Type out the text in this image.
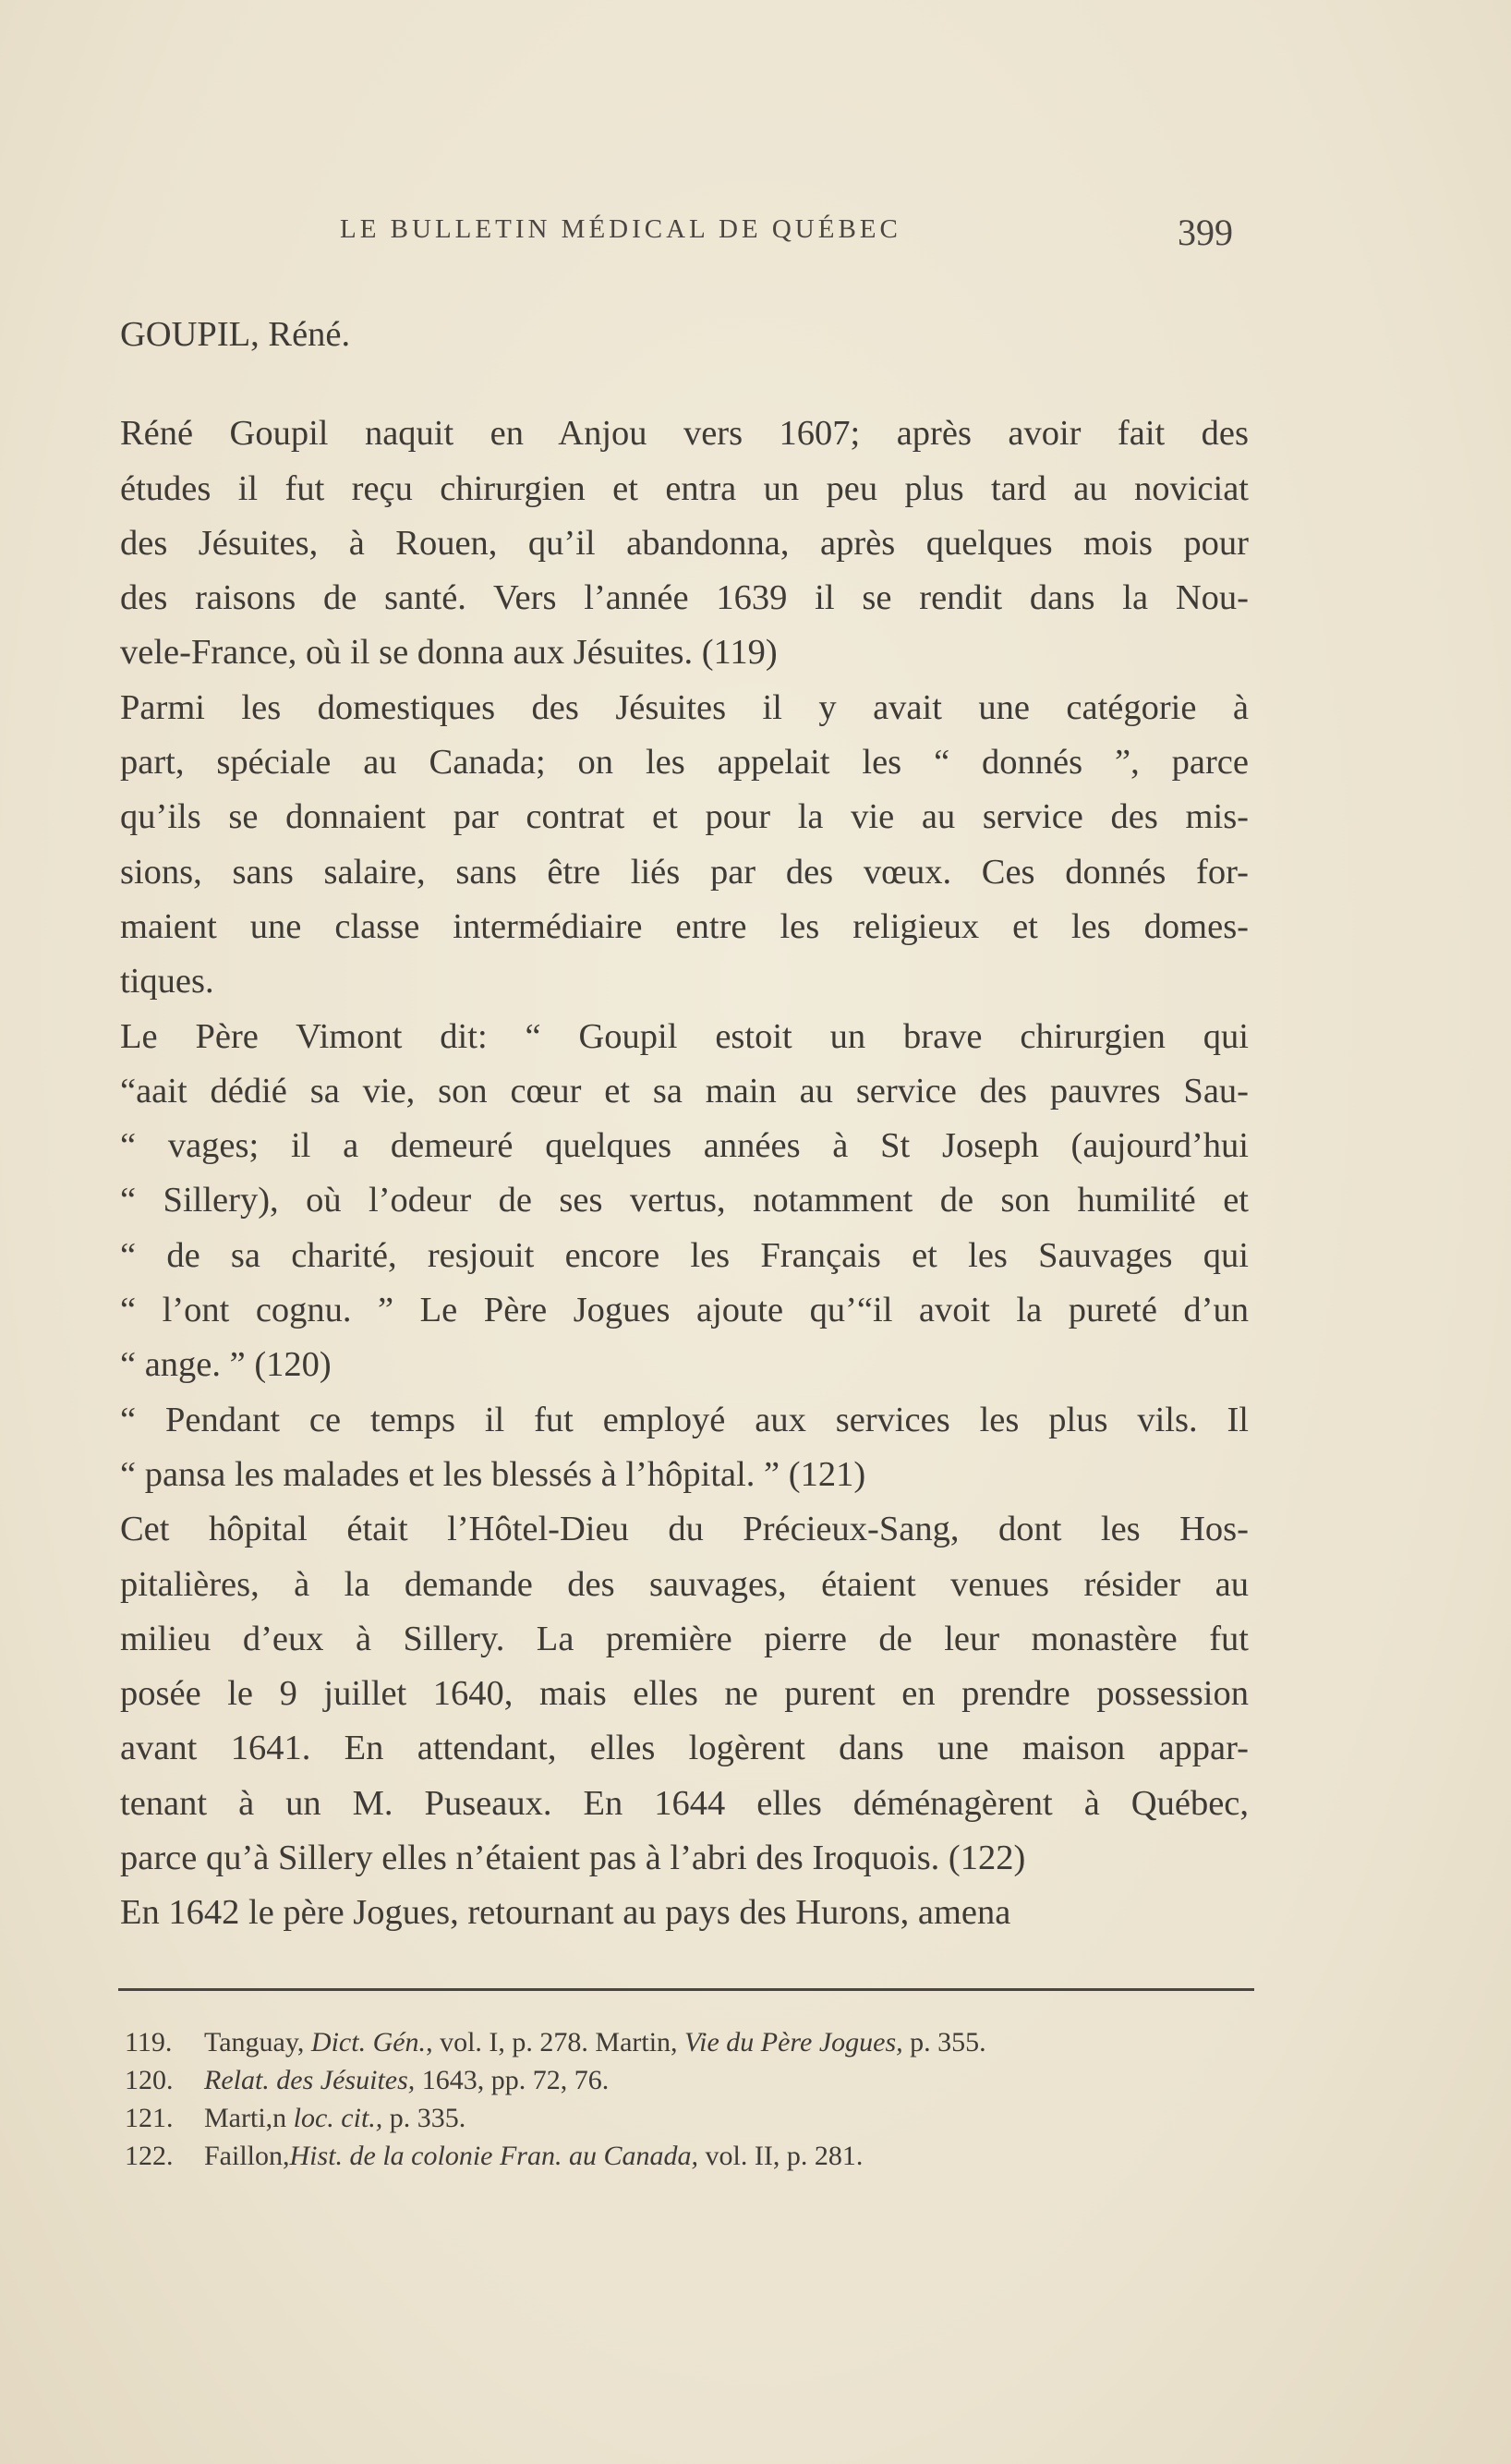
LE BULLETIN MÉDICAL DE QUÉBEC	399
GOUPIL, Réné.
Réné Goupil naquit en Anjou vers 1607; après avoir fait des
études il fut reçu chirurgien et entra un peu plus tard au noviciat
des Jésuites, à Rouen, qu’il abandonna, après quelques mois pour
des raisons de santé. Vers l’année 1639 il se rendit dans la Nou-
vele-France, où il se donna aux Jésuites. (119)
Parmi les domestiques des Jésuites il y avait une catégorie à
part, spéciale au Canada; on les appelait les “ donnés ”, parce
qu’ils se donnaient par contrat et pour la vie au service des mis-
sions, sans salaire, sans être liés par des vœux. Ces donnés for-
maient une classe intermédiaire entre les religieux et les domes-
tiques.
Le Père Vimont dit: “ Goupil estoit un brave chirurgien qui
“aait dédié sa vie, son cœur et sa main au service des pauvres Sau-
“ vages; il a demeuré quelques années à St Joseph (aujourd’hui
“ Sillery), où l’odeur de ses vertus, notamment de son humilité et
“ de sa charité, resjouit encore les Français et les Sauvages qui
“ l’ont cognu. ” Le Père Jogues ajoute qu’“il avoit la pureté d’un
“ ange. ” (120)
“ Pendant ce temps il fut employé aux services les plus vils. Il
“ pansa les malades et les blessés à l’hôpital. ” (121)
Cet hôpital était l’Hôtel-Dieu du Précieux-Sang, dont les Hos-
pitalières, à la demande des sauvages, étaient venues résider au
milieu d’eux à Sillery. La première pierre de leur monastère fut
posée le 9 juillet 1640, mais elles ne purent en prendre possession
avant 1641. En attendant, elles logèrent dans une maison appar-
tenant à un M. Puseaux. En 1644 elles déménagèrent à Québec,
parce qu’à Sillery elles n’étaient pas à l’abri des Iroquois. (122)
En 1642 le père Jogues, retournant au pays des Hurons, amena
119. Tanguay, Dict. Gén., vol. I, p. 278. Martin, Vie du Père Jogues, p. 355.
120. Relat. des Jésuites, 1643, pp. 72, 76.
121. Marti,n loc. cit., p. 335.
122. Faillon,Hist. de la colonie Fran. au Canada, vol. II, p. 281.
